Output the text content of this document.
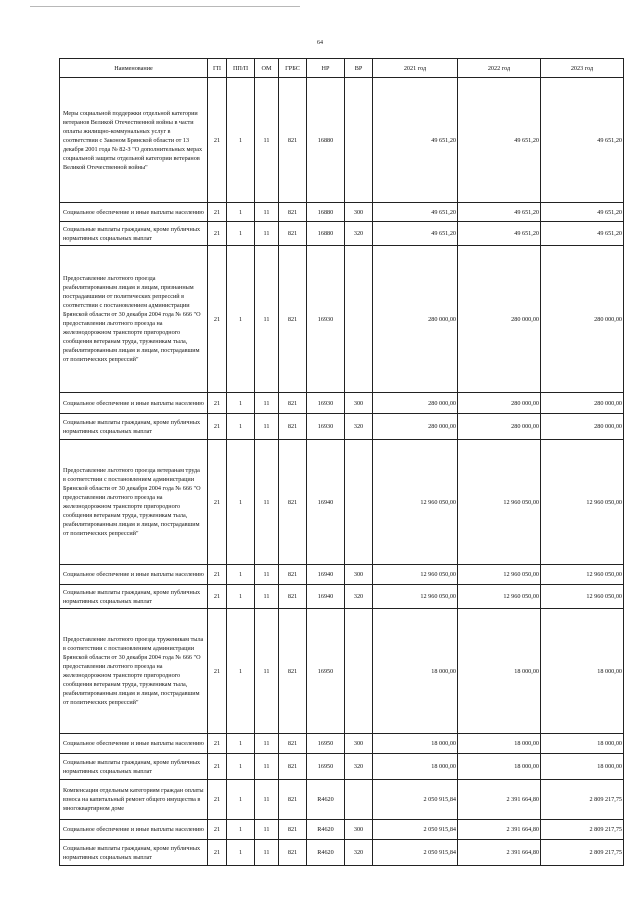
64
Наименование	ГП	ПП/П	ОМ	ГРБС	НР	ВР	2021 год	2022 год	2023 год
Меры социальной поддержки отдельной категории ветеранов Великой Отечественной войны в части оплаты жилищно-коммунальных услуг в соответствии с Законом Брянской области от 13 декабря 2001 года № 82-З "О дополнительных мерах социальной защиты отдельной категории ветеранов Великой Отечественной войны"	21	1	11	821	16880		49 651,20	49 651,20	49 651,20
Социальное обеспечение и иные выплаты населению	21	1	11	821	16880	300	49 651,20	49 651,20	49 651,20
Социальные выплаты гражданам, кроме публичных нормативных социальных выплат	21	1	11	821	16880	320	49 651,20	49 651,20	49 651,20
Предоставление льготного проезда реабилитированным лицам и лицам, признанным пострадавшими от политических репрессий в соответствии с постановлением администрации Брянской области от 30 декабря 2004 года № 666 "О предоставлении льготного проезда на железнодорожном транспорте пригородного сообщения ветеранам труда, труженикам тыла, реабилитированным лицам и лицам, пострадавшим от политических репрессий"	21	1	11	821	16930		280 000,00	280 000,00	280 000,00
Социальное обеспечение и иные выплаты населению	21	1	11	821	16930	300	280 000,00	280 000,00	280 000,00
Социальные выплаты гражданам, кроме публичных нормативных социальных выплат	21	1	11	821	16930	320	280 000,00	280 000,00	280 000,00
Предоставление льготного проезда ветеранам труда в соответствии с постановлением администрации Брянской области от 30 декабря 2004 года № 666 "О предоставлении льготного проезда на железнодорожном транспорте пригородного сообщения ветеранам труда, труженикам тыла, реабилитированным лицам и лицам, пострадавшим от политических репрессий"	21	1	11	821	16940		12 960 050,00	12 960 050,00	12 960 050,00
Социальное обеспечение и иные выплаты населению	21	1	11	821	16940	300	12 960 050,00	12 960 050,00	12 960 050,00
Социальные выплаты гражданам, кроме публичных нормативных социальных выплат	21	1	11	821	16940	320	12 960 050,00	12 960 050,00	12 960 050,00
Предоставление льготного проезда труженикам тыла в соответствии с постановлением администрации Брянской области от 30 декабря 2004 года № 666 "О предоставлении льготного проезда на железнодорожном транспорте пригородного сообщения ветеранам труда, труженикам тыла, реабилитированным лицам и лицам, пострадавшим от политических репрессий"	21	1	11	821	16950		18 000,00	18 000,00	18 000,00
Социальное обеспечение и иные выплаты населению	21	1	11	821	16950	300	18 000,00	18 000,00	18 000,00
Социальные выплаты гражданам, кроме публичных нормативных социальных выплат	21	1	11	821	16950	320	18 000,00	18 000,00	18 000,00
Компенсация отдельным категориям граждан оплаты взноса на капитальный ремонт общего имущества в многоквартирном доме	21	1	11	821	R4620		2 050 915,84	2 391 664,80	2 809 217,75
Социальное обеспечение и иные выплаты населению	21	1	11	821	R4620	300	2 050 915,84	2 391 664,80	2 809 217,75
Социальные выплаты гражданам, кроме публичных нормативных социальных выплат	21	1	11	821	R4620	320	2 050 915,84	2 391 664,80	2 809 217,75
